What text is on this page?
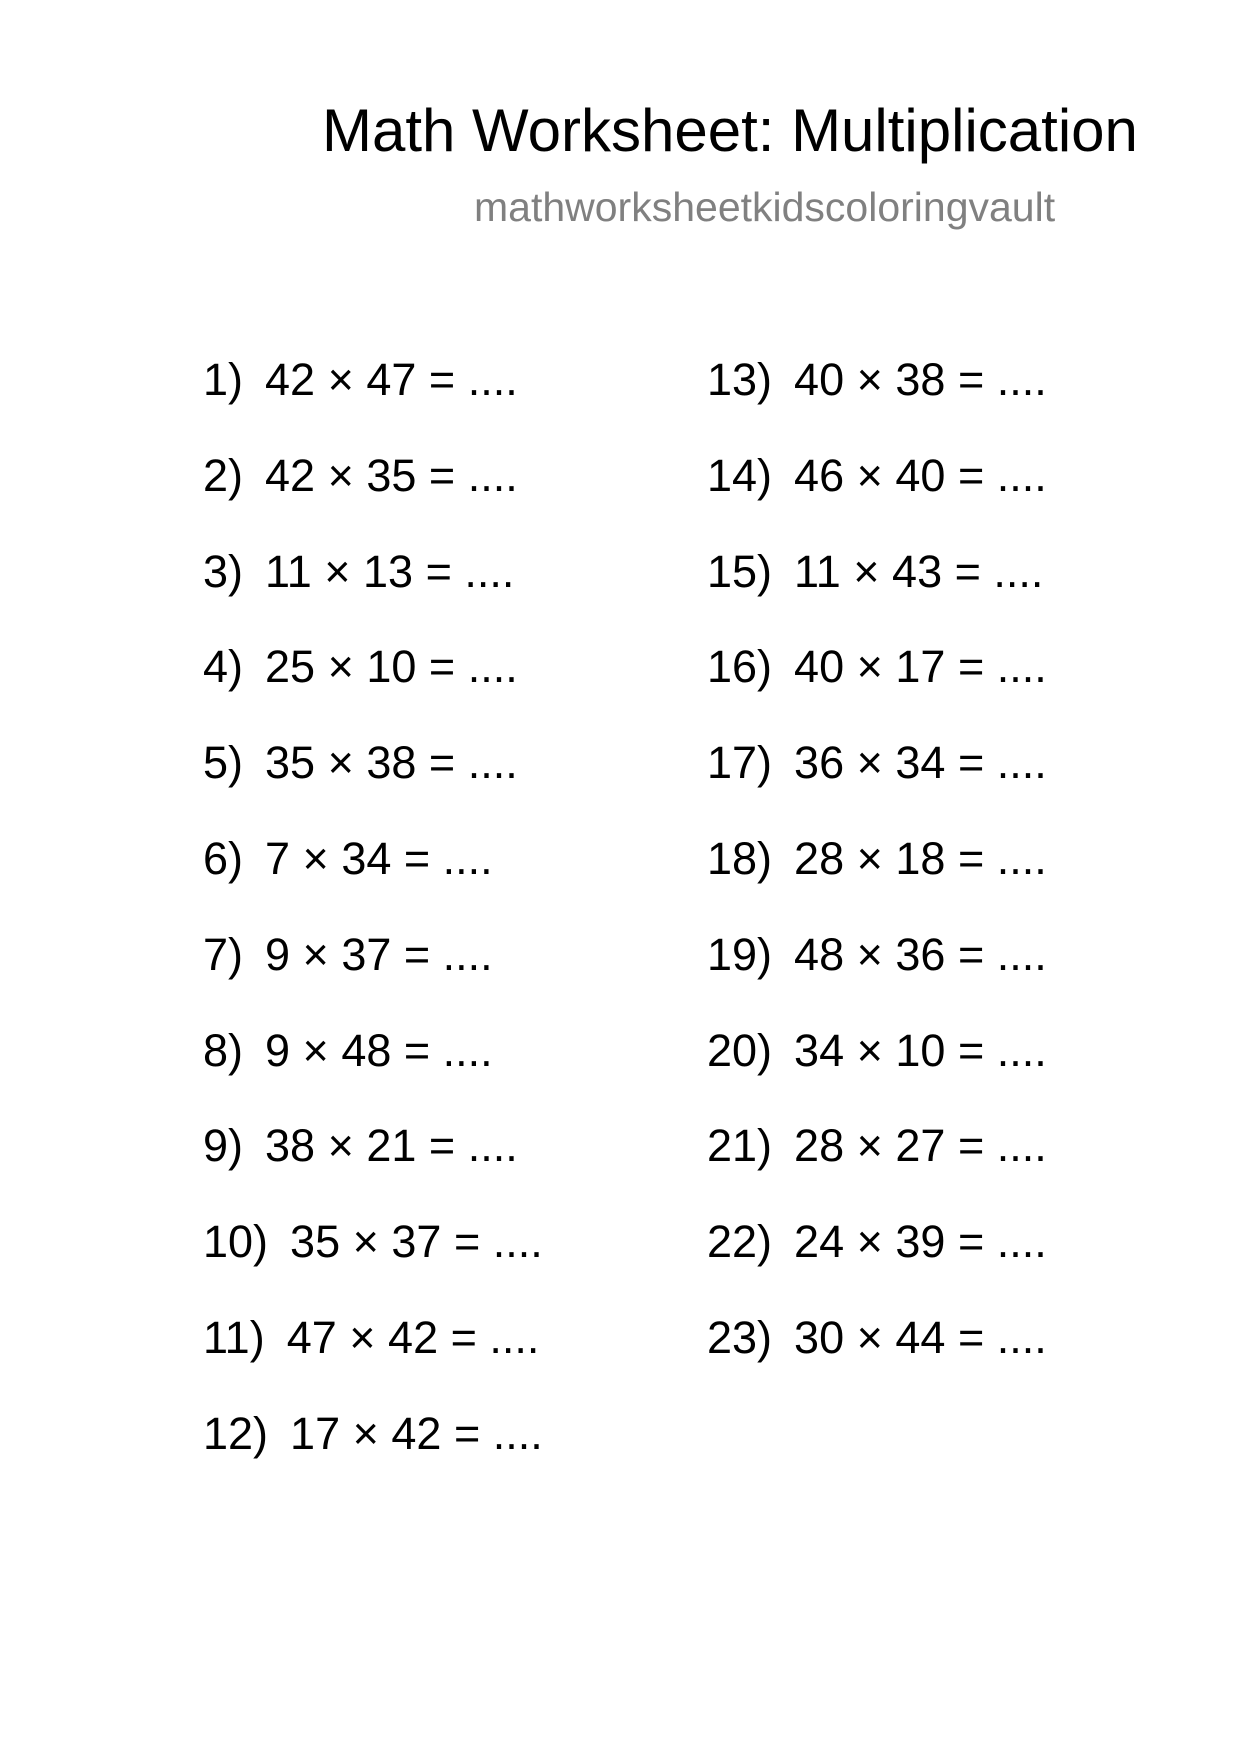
Math Worksheet: Multiplication
mathworksheetkidscoloringvault
1) 42 × 47 = ....
2) 42 × 35 = ....
3) 11 × 13 = ....
4) 25 × 10 = ....
5) 35 × 38 = ....
6) 7 × 34 = ....
7) 9 × 37 = ....
8) 9 × 48 = ....
9) 38 × 21 = ....
10) 35 × 37 = ....
11) 47 × 42 = ....
12) 17 × 42 = ....
13) 40 × 38 = ....
14) 46 × 40 = ....
15) 11 × 43 = ....
16) 40 × 17 = ....
17) 36 × 34 = ....
18) 28 × 18 = ....
19) 48 × 36 = ....
20) 34 × 10 = ....
21) 28 × 27 = ....
22) 24 × 39 = ....
23) 30 × 44 = ....
